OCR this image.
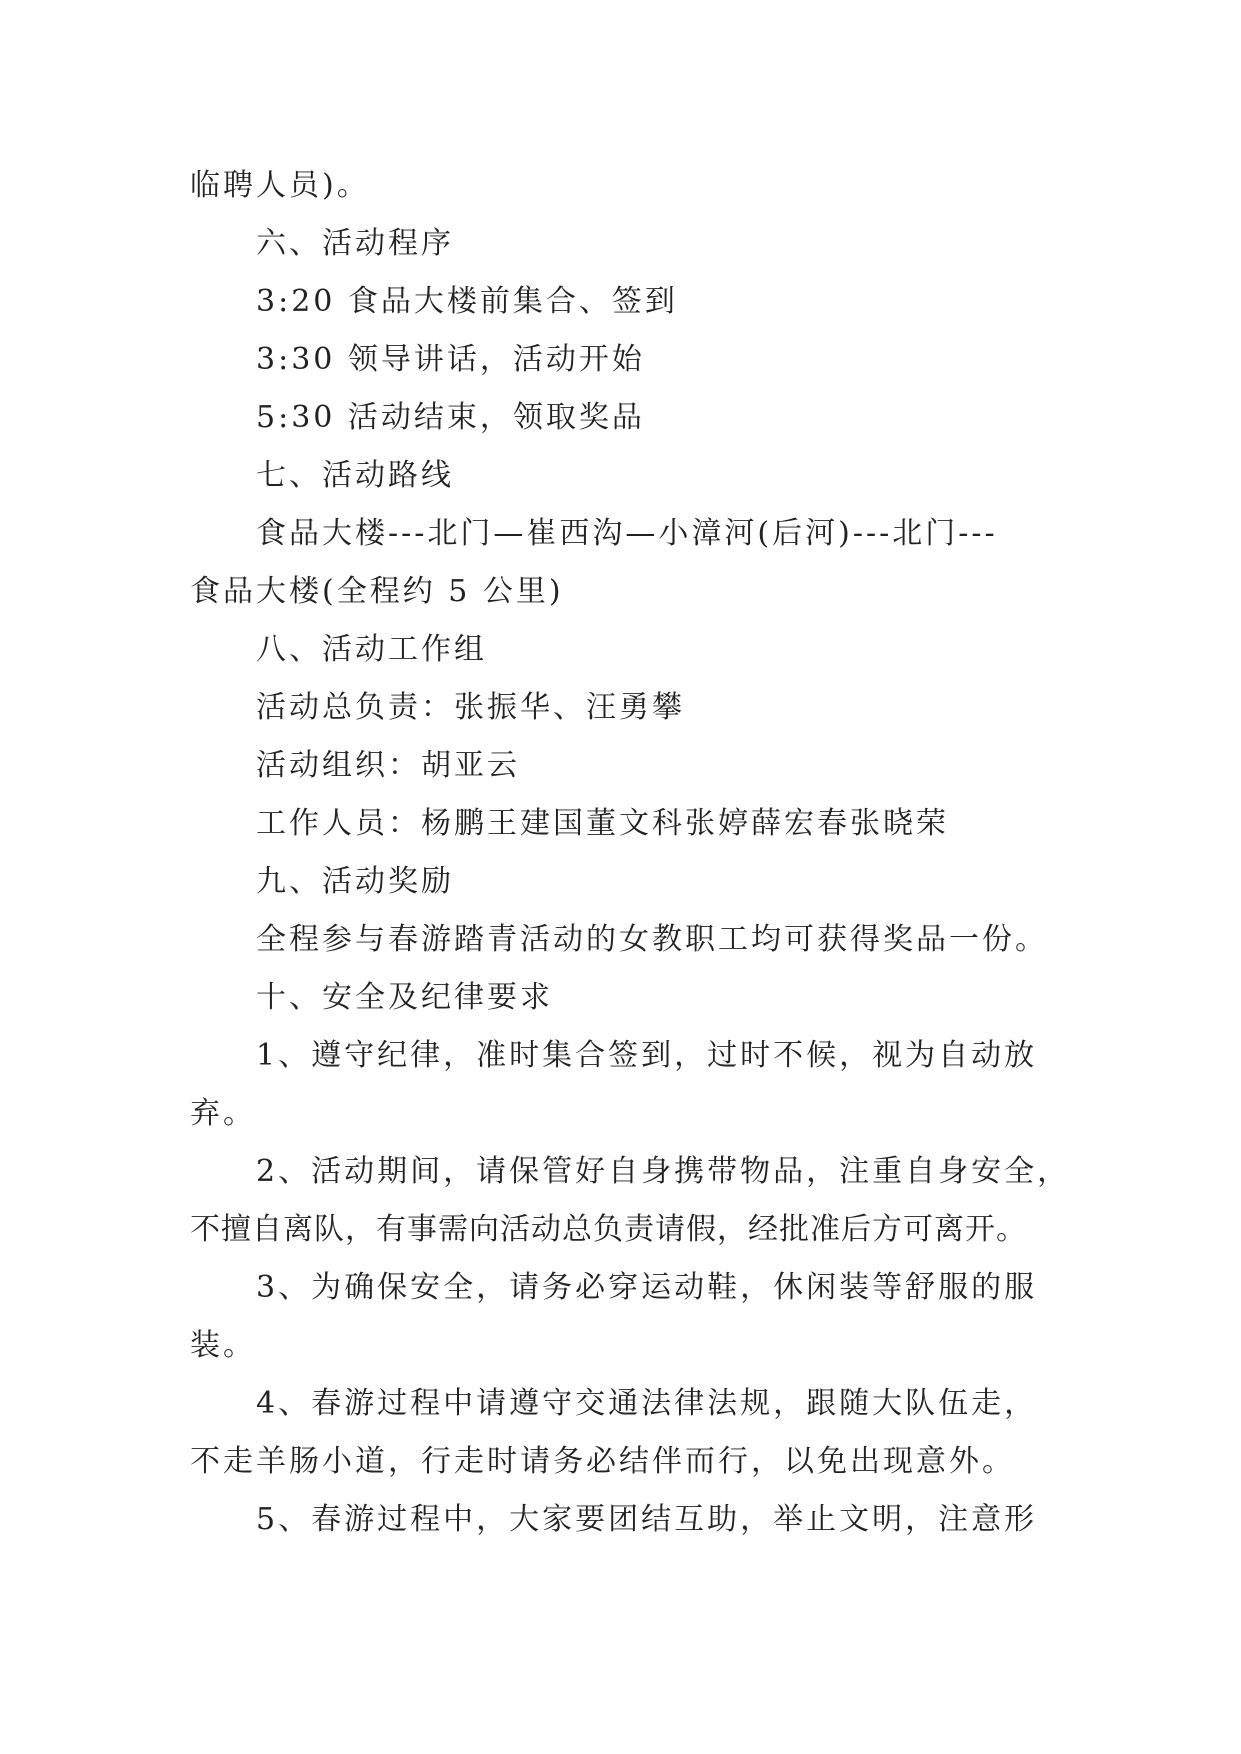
临聘人员)。
六、活动程序
3:20 食品大楼前集合、签到
3:30 领导讲话，活动开始
5:30 活动结束，领取奖品
七、活动路线
食品大楼---北门—崔西沟—小漳河(后河)---北门---
食品大楼(全程约 5 公里)
八、活动工作组
活动总负责：张振华、汪勇攀
活动组织：胡亚云
工作人员：杨鹏王建国董文科张婷薛宏春张晓荣
九、活动奖励
全程参与春游踏青活动的女教职工均可获得奖品一份。
十、安全及纪律要求
1、遵守纪律，准时集合签到，过时不候，视为自动放
弃。
2、活动期间，请保管好自身携带物品，注重自身安全，
不擅自离队，有事需向活动总负责请假，经批准后方可离开。
3、为确保安全，请务必穿运动鞋，休闲装等舒服的服
装。
4、春游过程中请遵守交通法律法规，跟随大队伍走，
不走羊肠小道，行走时请务必结伴而行，以免出现意外。
5、春游过程中，大家要团结互助，举止文明，注意形
